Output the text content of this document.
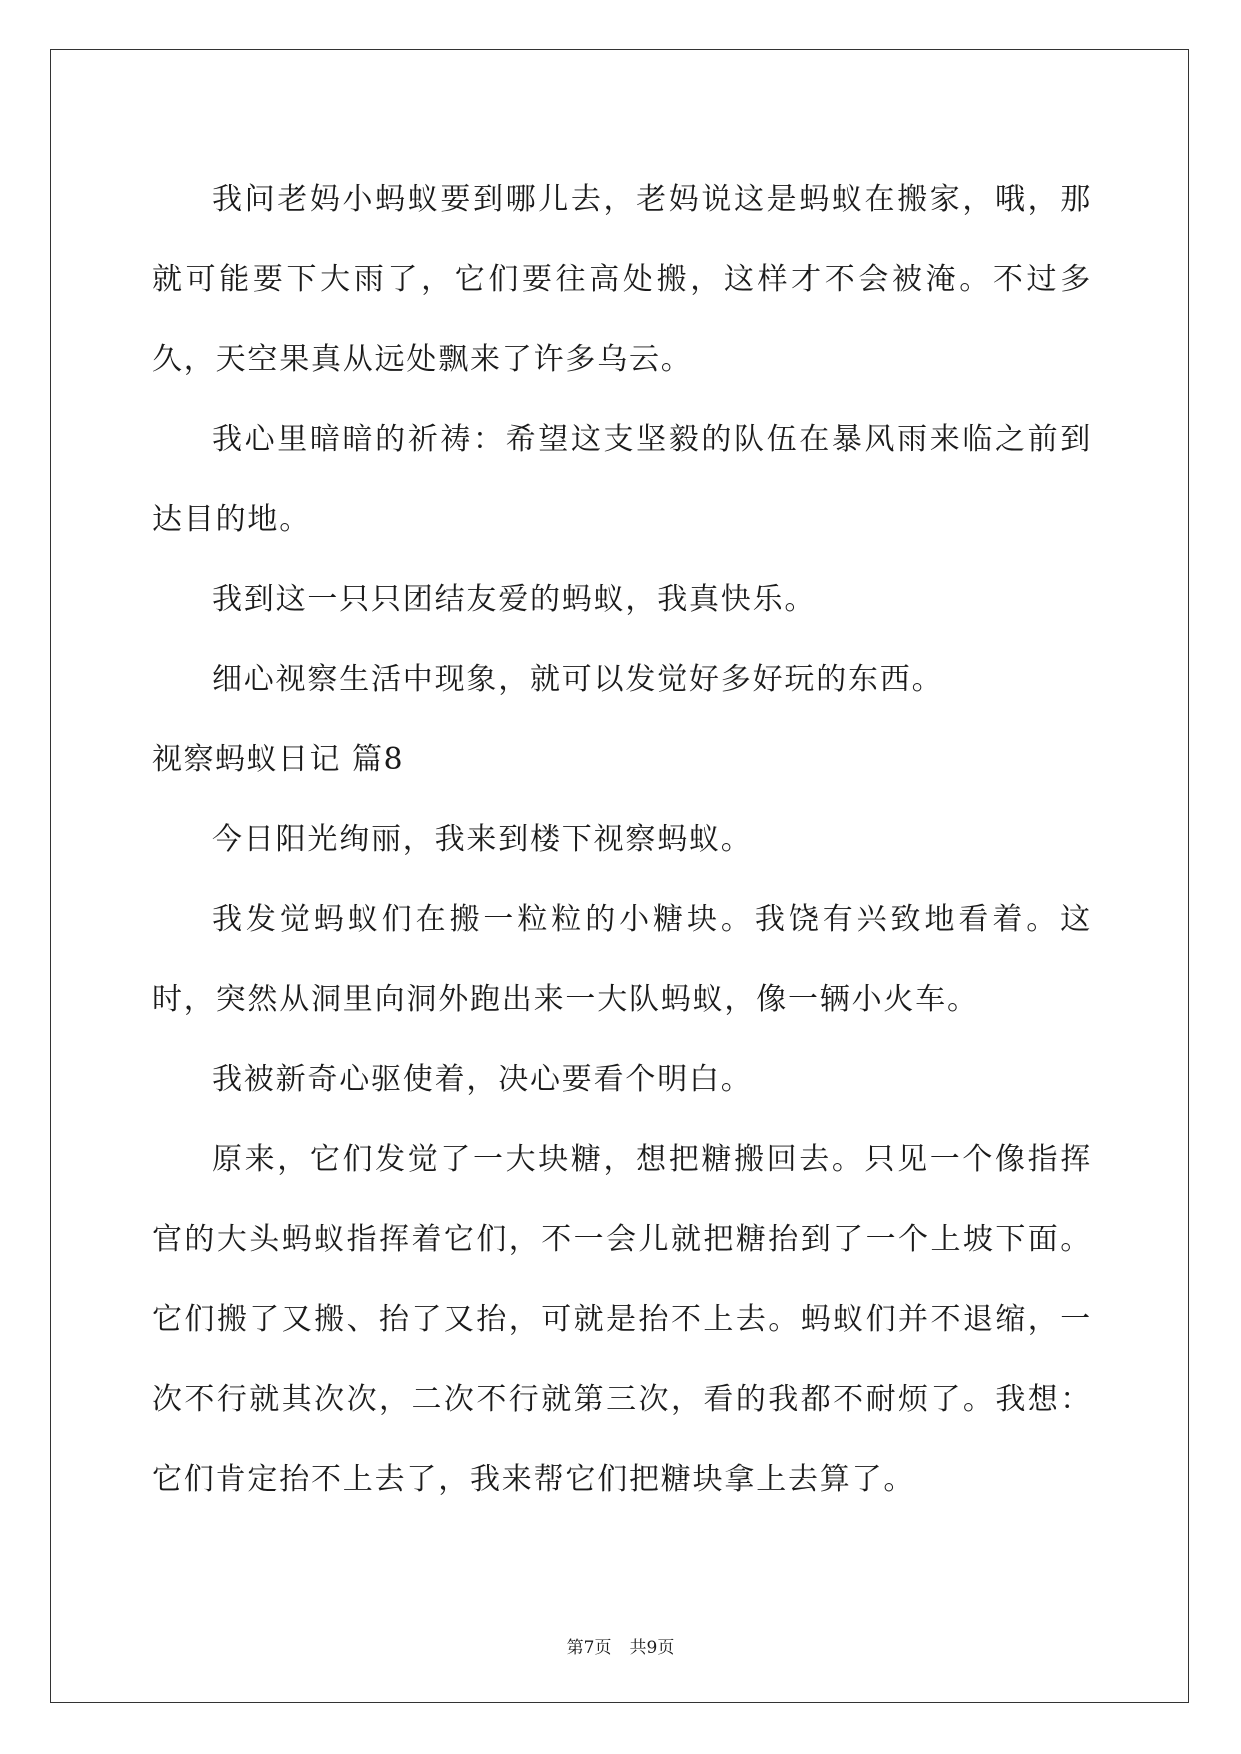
我问老妈小蚂蚁要到哪儿去，老妈说这是蚂蚁在搬家，哦，那就可能要下大雨了，它们要往高处搬，这样才不会被淹。不过多久，天空果真从远处飘来了许多乌云。

我心里暗暗的祈祷：希望这支坚毅的队伍在暴风雨来临之前到达目的地。

我到这一只只团结友爱的蚂蚁，我真快乐。

细心视察生活中现象，就可以发觉好多好玩的东西。

视察蚂蚁日记 篇8

今日阳光绚丽，我来到楼下视察蚂蚁。

我发觉蚂蚁们在搬一粒粒的小糖块。我饶有兴致地看着。这时，突然从洞里向洞外跑出来一大队蚂蚁，像一辆小火车。

我被新奇心驱使着，决心要看个明白。

原来，它们发觉了一大块糖，想把糖搬回去。只见一个像指挥官的大头蚂蚁指挥着它们，不一会儿就把糖抬到了一个上坡下面。它们搬了又搬、抬了又抬，可就是抬不上去。蚂蚁们并不退缩，一次不行就其次次，二次不行就第三次，看的我都不耐烦了。我想：它们肯定抬不上去了，我来帮它们把糖块拿上去算了。

第7页 共9页
